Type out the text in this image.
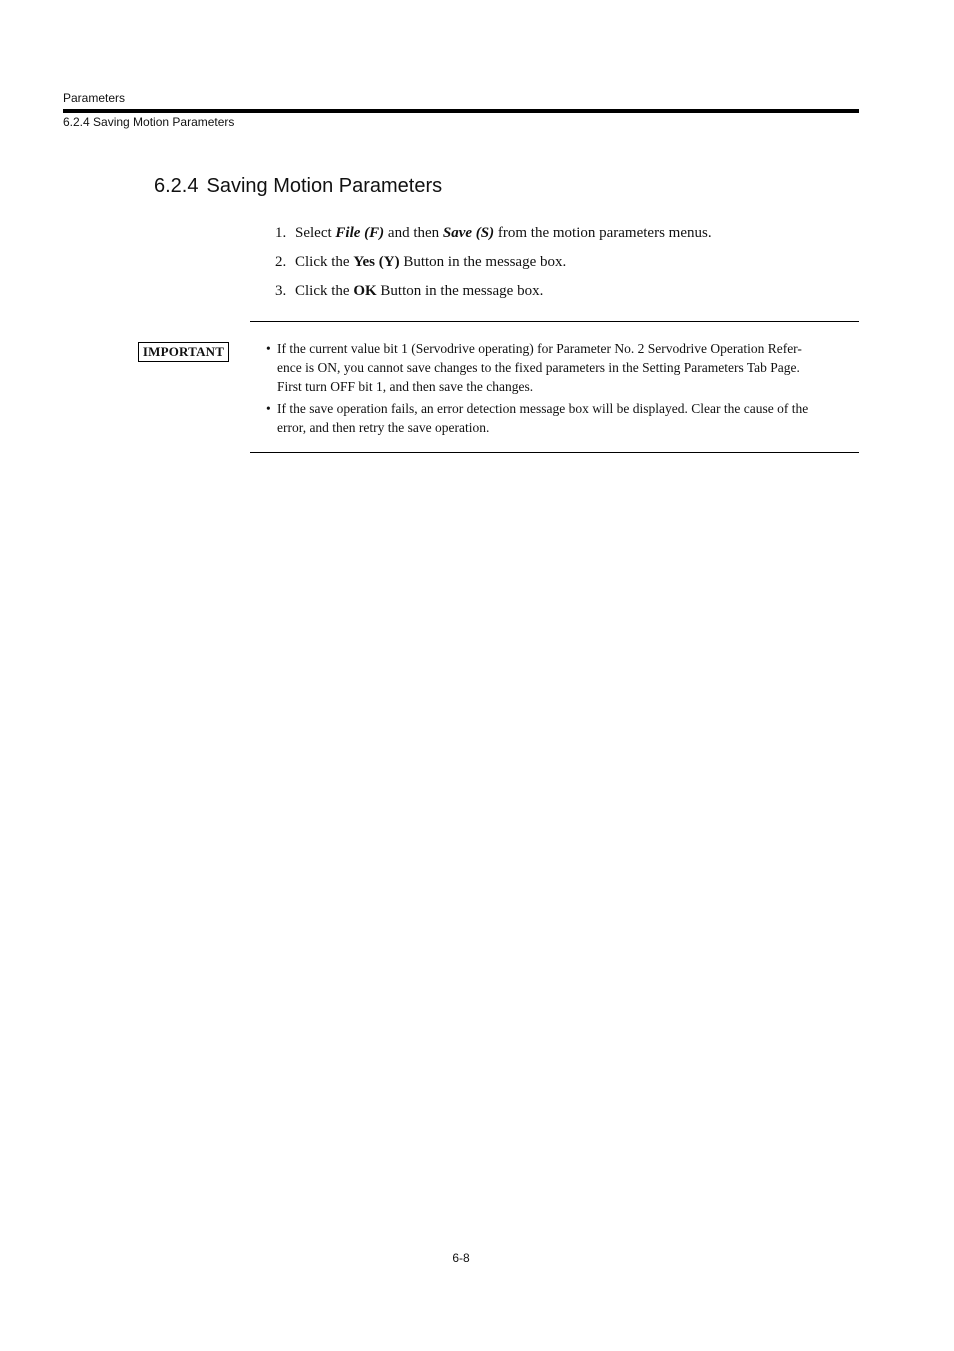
Parameters
6.2.4 Saving Motion Parameters
6.2.4 Saving Motion Parameters
1. Select File (F) and then Save (S) from the motion parameters menus.
2. Click the Yes (Y) Button in the message box.
3. Click the OK Button in the message box.
IMPORTANT	• If the current value bit 1 (Servodrive operating) for Parameter No. 2 Servodrive Operation Refer-
ence is ON, you cannot save changes to the fixed parameters in the Setting Parameters Tab Page.
First turn OFF bit 1, and then save the changes.
• If the save operation fails, an error detection message box will be displayed. Clear the cause of the
error, and then retry the save operation.
6-8
